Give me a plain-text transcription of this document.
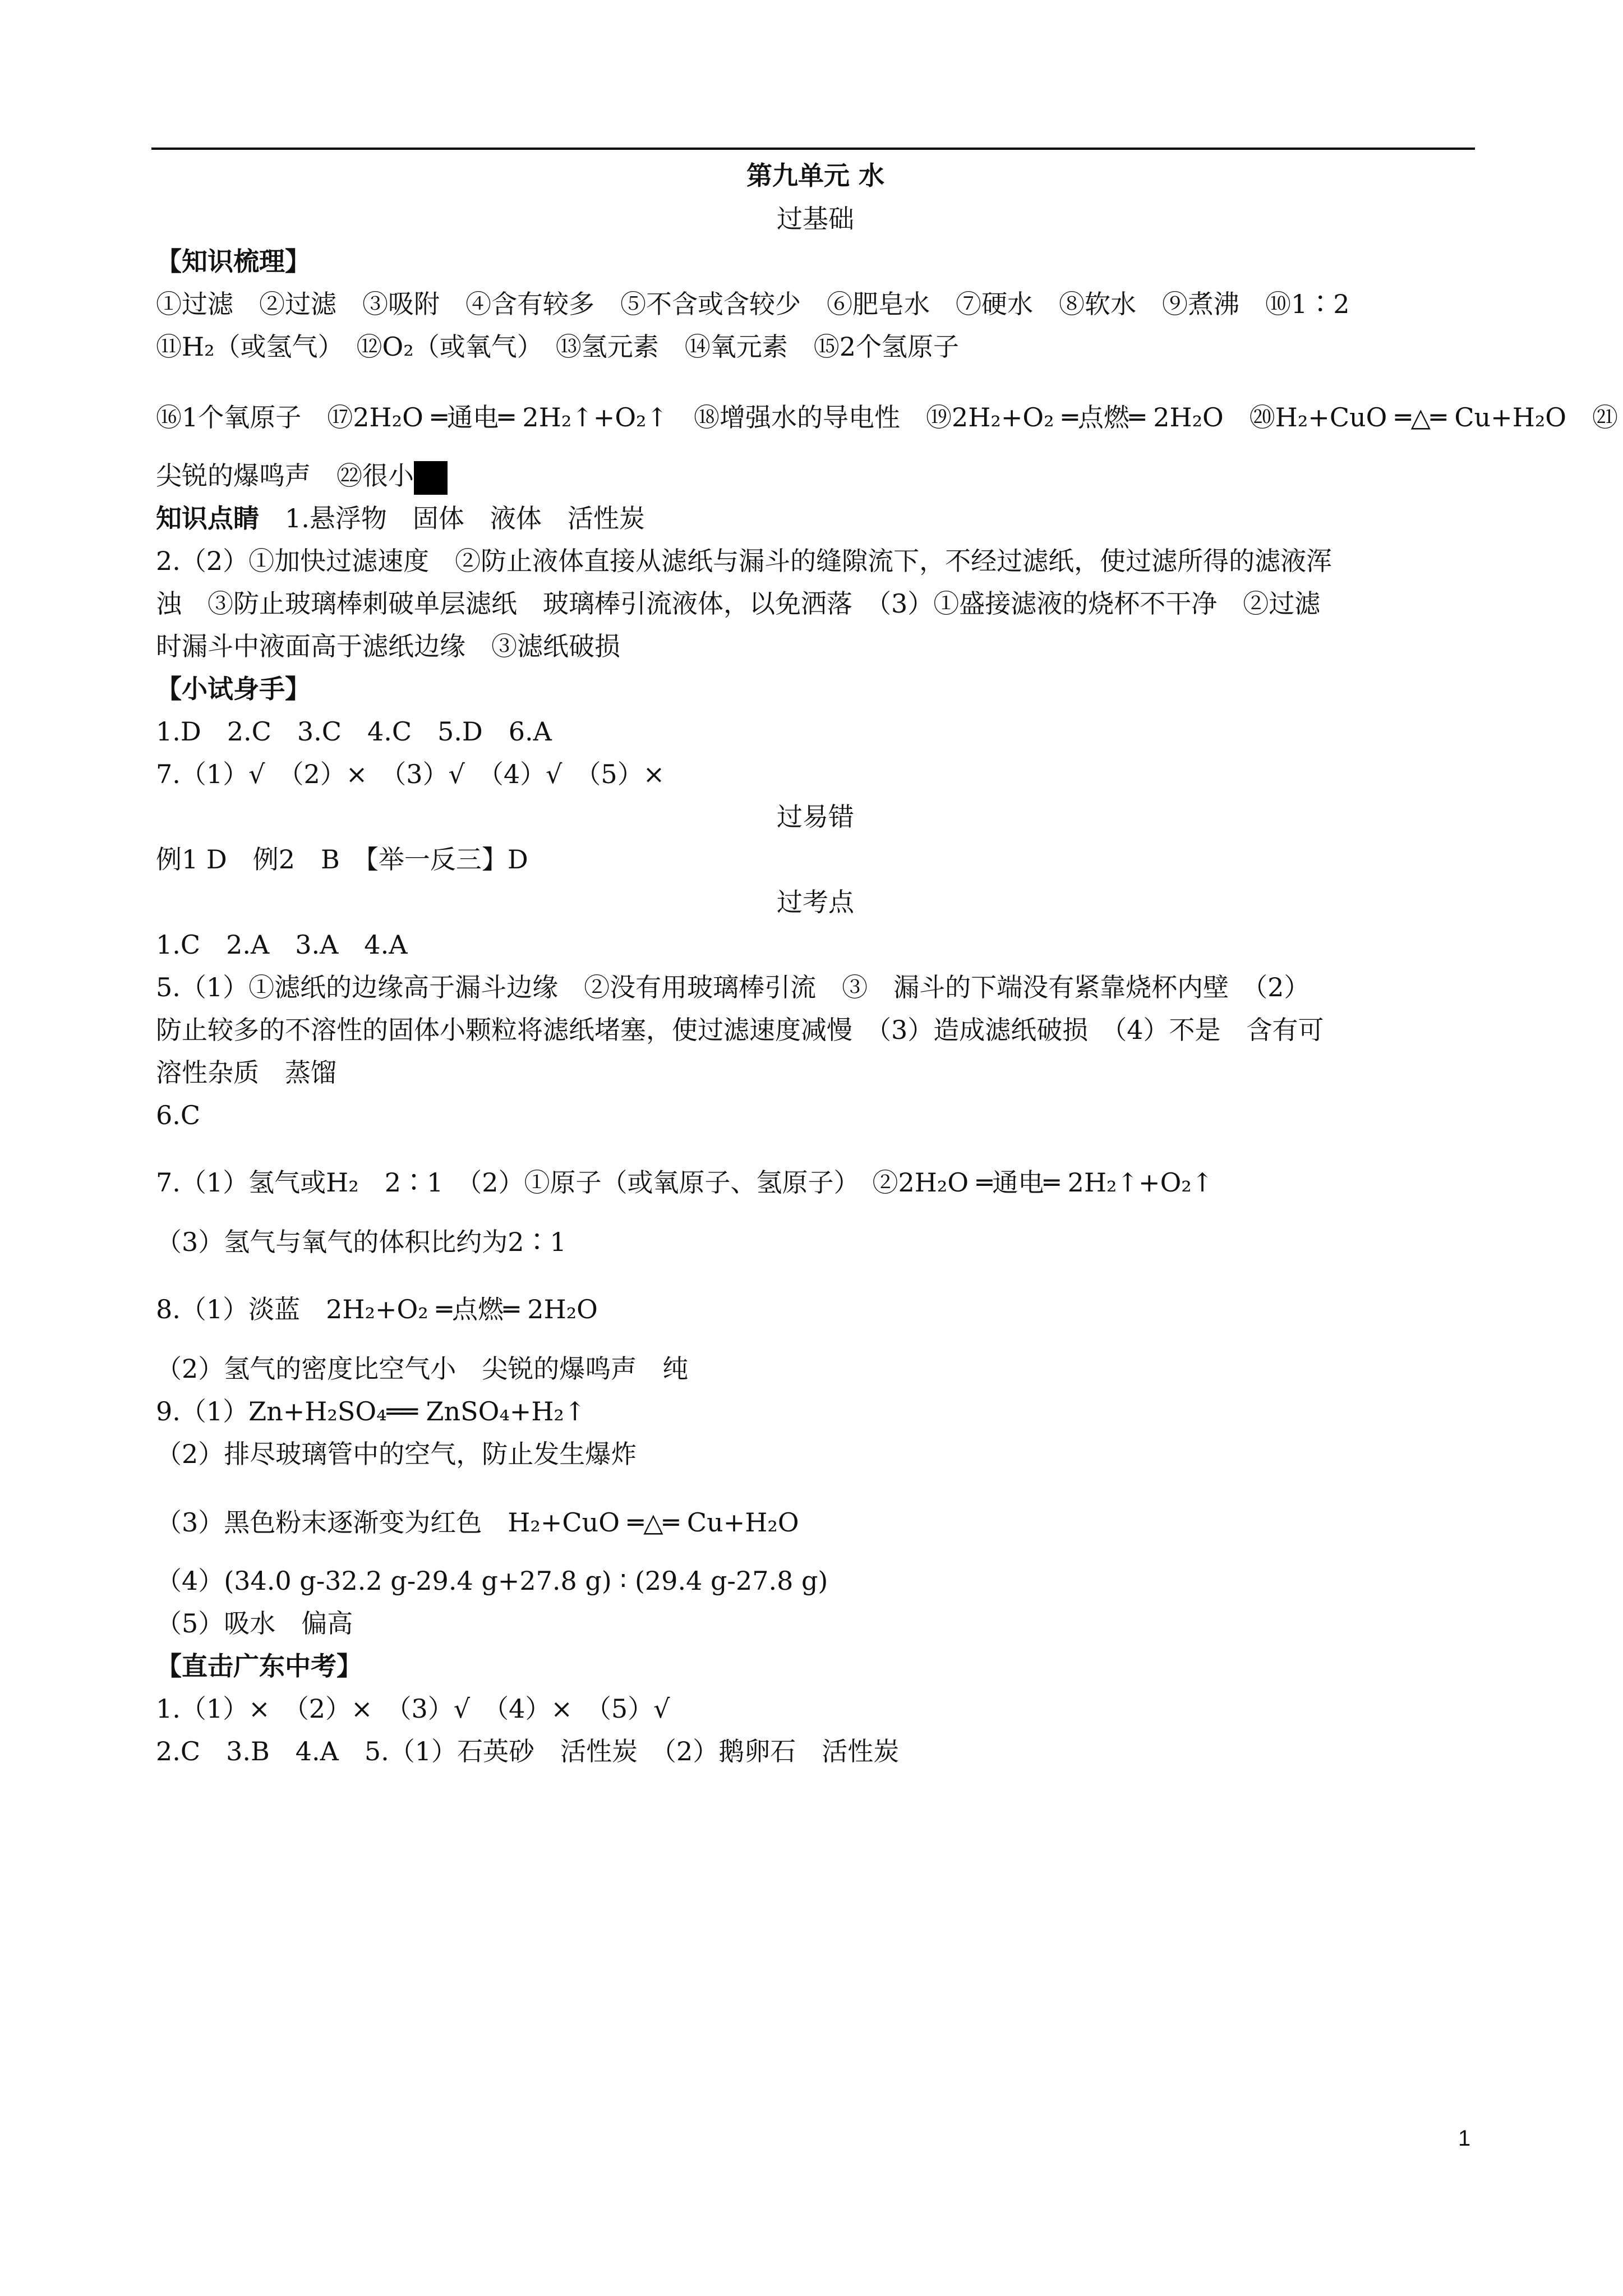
第九单元 水
过基础
【知识梳理】
①过滤　②过滤　③吸附　④含有较多　⑤不含或含较少　⑥肥皂水　⑦硬水　⑧软水　⑨煮沸　⑩1∶2
⑪H₂（或氢气）　⑫O₂（或氧气）　⑬氢元素　⑭氧元素　⑮2个氢原子
⑯1个氧原子　⑰2H₂O ═通电═ 2H₂↑+O₂↑　⑱增强水的导电性　⑲2H₂+O₂ ═点燃═ 2H₂O　⑳H₂+CuO ═△═ Cu+H₂O　㉑
尖锐的爆鸣声　㉒很小
知识点睛　 1.悬浮物　固体　液体　活性炭
2.（2）①加快过滤速度　②防止液体直接从滤纸与漏斗的缝隙流下，不经过滤纸，使过滤所得的滤液浑
浊　③防止玻璃棒刺破单层滤纸　玻璃棒引流液体，以免洒落　（3）①盛接滤液的烧杯不干净　②过滤
时漏斗中液面高于滤纸边缘　③滤纸破损
【小试身手】
1.D　2.C　3.C　4.C　5.D　6.A
7.（1）√　（2）×　（3）√　（4）√　（5）×
过易错
例1 D　例2　B　【举一反三】D
过考点
1.C　2.A　3.A　4.A
5.（1）①滤纸的边缘高于漏斗边缘　②没有用玻璃棒引流　③　漏斗的下端没有紧靠烧杯内壁　（2）
防止较多的不溶性的固体小颗粒将滤纸堵塞，使过滤速度减慢　（3）造成滤纸破损　（4）不是　含有可
溶性杂质　蒸馏
6.C
7.（1）氢气或H₂　2∶1　（2）①原子（或氧原子、氢原子）　②2H₂O ═通电═ 2H₂↑+O₂↑
（3）氢气与氧气的体积比约为2∶1
8.（1）淡蓝　2H₂+O₂ ═点燃═ 2H₂O
（2）氢气的密度比空气小　尖锐的爆鸣声　纯
9.（1）Zn+H₂SO₄══ ZnSO₄+H₂↑
（2）排尽玻璃管中的空气，防止发生爆炸
（3）黑色粉末逐渐变为红色　H₂+CuO ═△═ Cu+H₂O
（4）(34.0 g-32.2 g-29.4 g+27.8 g) ∶ (29.4 g-27.8 g)
（5）吸水　偏高
【直击广东中考】
1.（1）×　（2）×　（3）√　（4）×　（5）√
2.C　3.B　4.A　5.（1）石英砂　活性炭　（2）鹅卵石　活性炭
1
